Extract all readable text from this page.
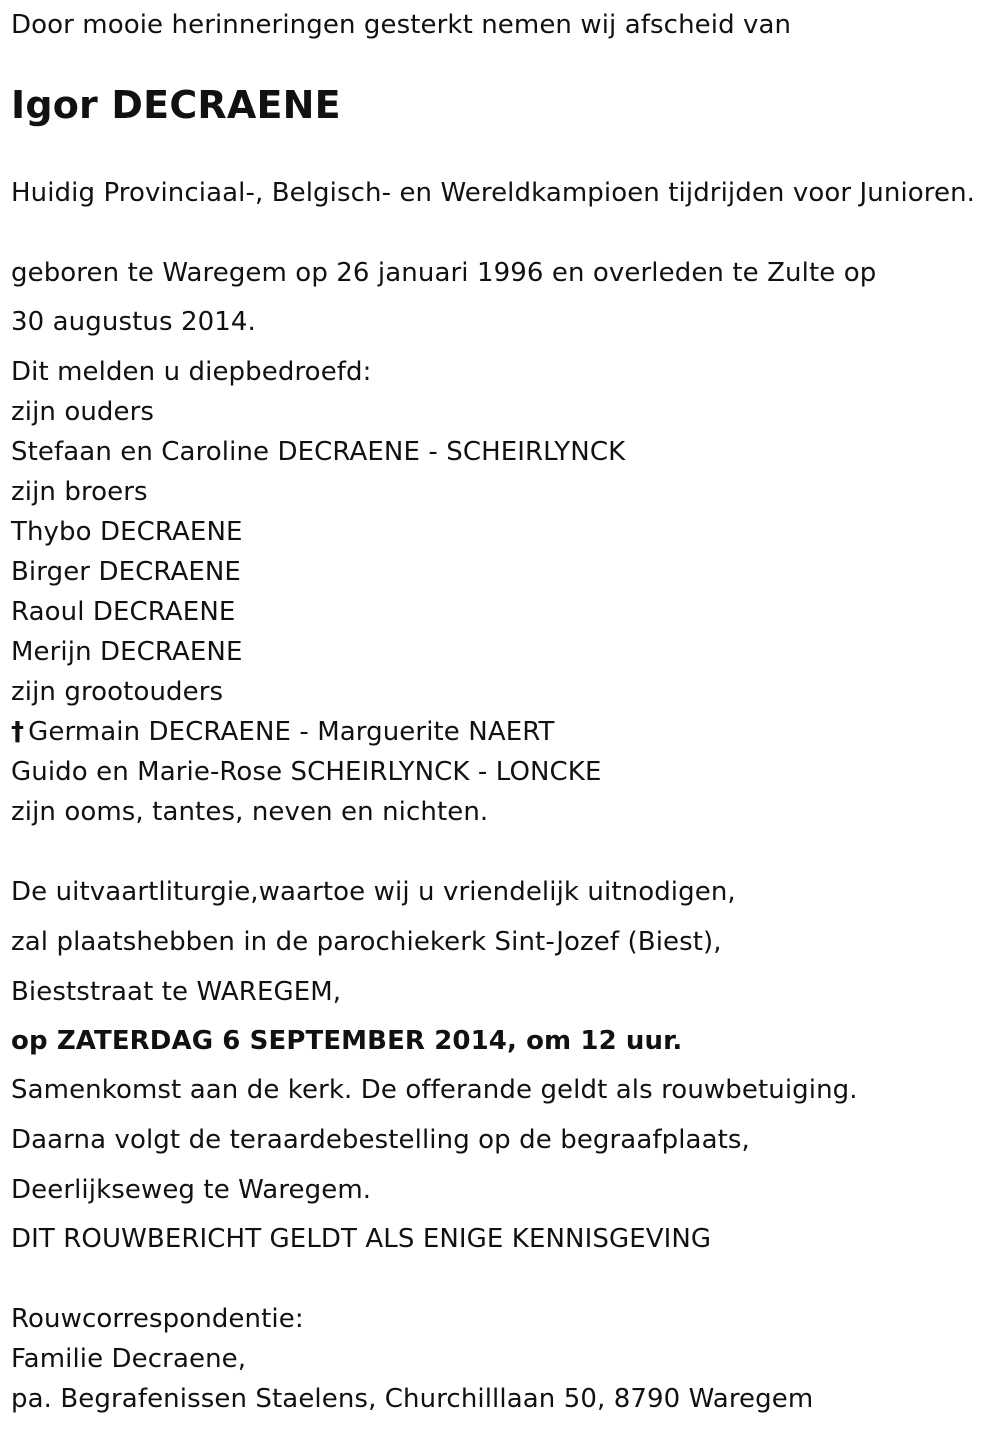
Door mooie herinneringen gesterkt nemen wij afscheid van
Igor DECRAENE
Huidig Provinciaal-, Belgisch- en Wereldkampioen tijdrijden voor Junioren.
geboren te Waregem op 26 januari 1996 en overleden te Zulte op
30 augustus 2014.
Dit melden u diepbedroefd:
zijn ouders
Stefaan en Caroline DECRAENE - SCHEIRLYNCK
zijn broers
Thybo DECRAENE
Birger DECRAENE
Raoul DECRAENE
Merijn DECRAENE
zijn grootouders
† Germain DECRAENE - Marguerite NAERT
Guido en Marie-Rose SCHEIRLYNCK - LONCKE
zijn ooms, tantes, neven en nichten.
De uitvaartliturgie,waartoe wij u vriendelijk uitnodigen,
zal plaatshebben in de parochiekerk Sint-Jozef (Biest),
Bieststraat te WAREGEM,
op ZATERDAG 6 SEPTEMBER 2014, om 12 uur.
Samenkomst aan de kerk. De offerande geldt als rouwbetuiging.
Daarna volgt de teraardebestelling op de begraafplaats,
Deerlijkseweg te Waregem.
DIT ROUWBERICHT GELDT ALS ENIGE KENNISGEVING
Rouwcorrespondentie:
Familie Decraene,
pa. Begrafenissen Staelens, Churchilllaan 50, 8790 Waregem
